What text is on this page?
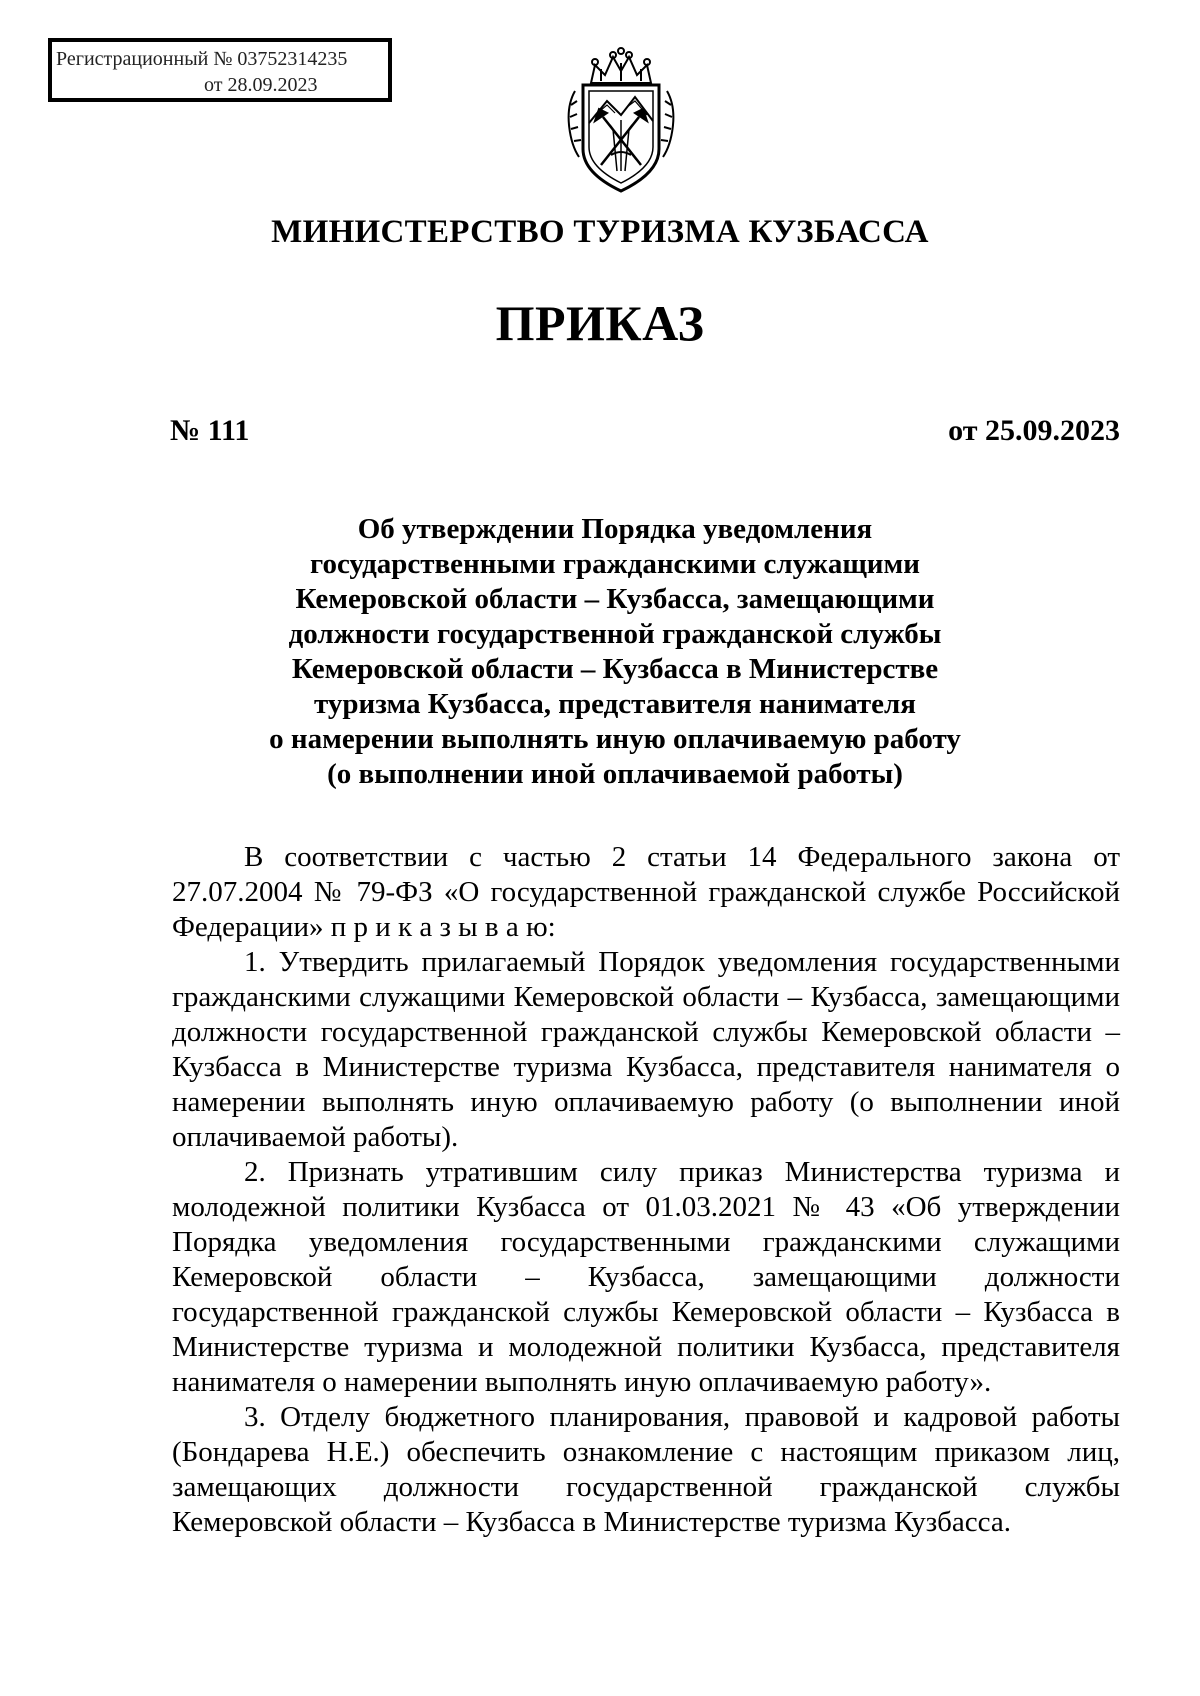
Регистрационный № 03752314235
от 28.09.2023
МИНИСТЕРСТВО ТУРИЗМА КУЗБАССА
ПРИКАЗ
№ 111	от 25.09.2023
Об утверждении Порядка уведомления
государственными гражданскими служащими
Кемеровской области – Кузбасса, замещающими
должности государственной гражданской службы
Кемеровской области – Кузбасса в Министерстве
туризма Кузбасса, представителя нанимателя
о намерении выполнять иную оплачиваемую работу
(о выполнении иной оплачиваемой работы)

В соответствии с частью 2 статьи 14 Федерального закона от 27.07.2004 № 79-ФЗ «О государственной гражданской службе Российской Федерации» п р и к а з ы в а ю:

1. Утвердить прилагаемый Порядок уведомления государственными гражданскими служащими Кемеровской области – Кузбасса, замещающими должности государственной гражданской службы Кемеровской области – Кузбасса в Министерстве туризма Кузбасса, представителя нанимателя о намерении выполнять иную оплачиваемую работу (о выполнении иной оплачиваемой работы).

2. Признать утратившим силу приказ Министерства туризма и молодежной политики Кузбасса от 01.03.2021 № 43 «Об утверждении Порядка уведомления государственными гражданскими служащими Кемеровской области – Кузбасса, замещающими должности государственной гражданской службы Кемеровской области – Кузбасса в Министерстве туризма и молодежной политики Кузбасса, представителя нанимателя о намерении выполнять иную оплачиваемую работу».

3. Отделу бюджетного планирования, правовой и кадровой работы (Бондарева Н.Е.) обеспечить ознакомление с настоящим приказом лиц, замещающих должности государственной гражданской службы Кемеровской области – Кузбасса в Министерстве туризма Кузбасса.
